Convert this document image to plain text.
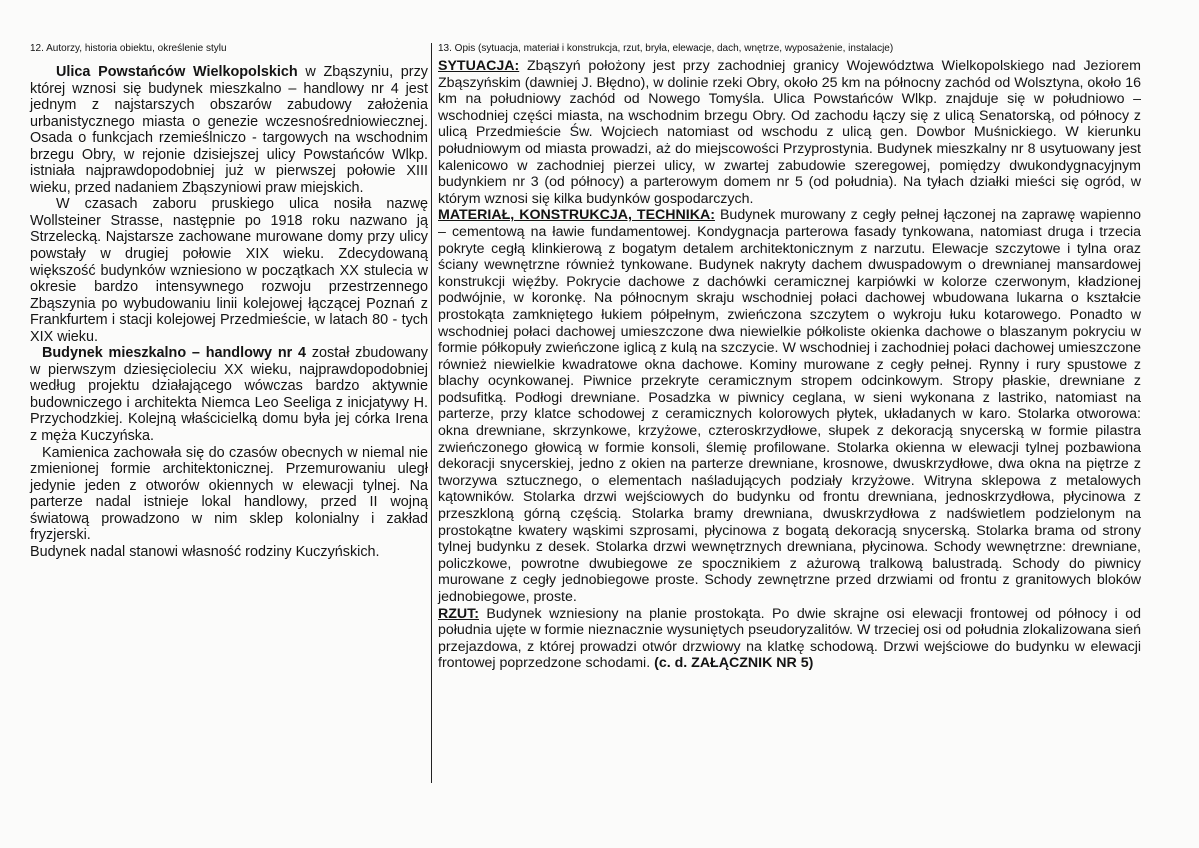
12. Autorzy, historia obiektu, określenie stylu

Ulica Powstańców Wielkopolskich w Zbąszyniu, przy której wznosi się budynek mieszkalno – handlowy nr 4 jest jednym z najstarszych obszarów zabudowy założenia urbanistycznego miasta o genezie wczesnośredniowiecznej. Osada o funkcjach rzemieślniczo - targowych na wschodnim brzegu Obry, w rejonie dzisiejszej ulicy Powstańców Wlkp. istniała najprawdopodobniej już w pierwszej połowie XIII wieku, przed nadaniem Zbąszyniowi praw miejskich.

W czasach zaboru pruskiego ulica nosiła nazwę Wollsteiner Strasse, następnie po 1918 roku nazwano ją Strzelecką. Najstarsze zachowane murowane domy przy ulicy powstały w drugiej połowie XIX wieku. Zdecydowaną większość budynków wzniesiono w początkach XX stulecia w okresie bardzo intensywnego rozwoju przestrzennego Zbąszynia po wybudowaniu linii kolejowej łączącej Poznań z Frankfurtem i stacji kolejowej Przedmieście, w latach 80 - tych XIX wieku.

Budynek mieszkalno – handlowy nr 4 został zbudowany w pierwszym dziesięcioleciu XX wieku, najprawdopodobniej według projektu działającego wówczas bardzo aktywnie budowniczego i architekta Niemca Leo Seeliga z inicjatywy H. Przychodzkiej. Kolejną właścicielką domu była jej córka Irena z męża Kuczyńska.

Kamienica zachowała się do czasów obecnych w niemal nie zmienionej formie architektonicznej. Przemurowaniu uległ jedynie jeden z otworów okiennych w elewacji tylnej. Na parterze nadal istnieje lokal handlowy, przed II wojną światową prowadzono w nim sklep kolonialny i zakład fryzjerski.

Budynek nadal stanowi własność rodziny Kuczyńskich.

13. Opis (sytuacja, materiał i konstrukcja, rzut, bryła, elewacje, dach, wnętrze, wyposażenie, instalacje)

SYTUACJA: Zbąszyń położony jest przy zachodniej granicy Województwa Wielkopolskiego nad Jeziorem Zbąszyńskim (dawniej J. Błędno), w dolinie rzeki Obry, około 25 km na północny zachód od Wolsztyna, około 16 km na południowy zachód od Nowego Tomyśla. Ulica Powstańców Wlkp. znajduje się w południowo – wschodniej części miasta, na wschodnim brzegu Obry. Od zachodu łączy się z ulicą Senatorską, od północy z ulicą Przedmieście Św. Wojciech natomiast od wschodu z ulicą gen. Dowbor Muśnickiego. W kierunku południowym od miasta prowadzi, aż do miejscowości Przyprostynia. Budynek mieszkalny nr 8 usytuowany jest kalenicowo w zachodniej pierzei ulicy, w zwartej zabudowie szeregowej, pomiędzy dwukondygnacyjnym budynkiem nr 3 (od północy) a parterowym domem nr 5 (od południa). Na tyłach działki mieści się ogród, w którym wznosi się kilka budynków gospodarczych.

MATERIAŁ, KONSTRUKCJA, TECHNIKA: Budynek murowany z cegły pełnej łączonej na zaprawę wapienno – cementową na ławie fundamentowej. Kondygnacja parterowa fasady tynkowana, natomiast druga i trzecia pokryte cegłą klinkierową z bogatym detalem architektonicznym z narzutu. Elewacje szczytowe i tylna oraz ściany wewnętrzne również tynkowane. Budynek nakryty dachem dwuspadowym o drewnianej mansardowej konstrukcji więźby. Pokrycie dachowe z dachówki ceramicznej karpiówki w kolorze czerwonym, kładzionej podwójnie, w koronkę. Na północnym skraju wschodniej połaci dachowej wbudowana lukarna o kształcie prostokąta zamkniętego łukiem półpełnym, zwieńczona szczytem o wykroju łuku kotarowego. Ponadto w wschodniej połaci dachowej umieszczone dwa niewielkie półkoliste okienka dachowe o blaszanym pokryciu w formie półkopuły zwieńczone iglicą z kulą na szczycie. W wschodniej i zachodniej połaci dachowej umieszczone również niewielkie kwadratowe okna dachowe. Kominy murowane z cegły pełnej. Rynny i rury spustowe z blachy ocynkowanej. Piwnice przekryte ceramicznym stropem odcinkowym. Stropy płaskie, drewniane z podsufitką. Podłogi drewniane. Posadzka w piwnicy ceglana, w sieni wykonana z lastriko, natomiast na parterze, przy klatce schodowej z ceramicznych kolorowych płytek, układanych w karo. Stolarka otworowa: okna drewniane, skrzynkowe, krzyżowe, czteroskrzydłowe, słupek z dekoracją snycerską w formie pilastra zwieńczonego głowicą w formie konsoli, ślemię profilowane. Stolarka okienna w elewacji tylnej pozbawiona dekoracji snycerskiej, jedno z okien na parterze drewniane, krosnowe, dwuskrzydłowe, dwa okna na piętrze z tworzywa sztucznego, o elementach naśladujących podziały krzyżowe. Witryna sklepowa z metalowych kątowników. Stolarka drzwi wejściowych do budynku od frontu drewniana, jednoskrzydłowa, płycinowa z przeszkloną górną częścią. Stolarka bramy drewniana, dwuskrzydłowa z nadświetlem podzielonym na prostokątne kwatery wąskimi szprosami, płycinowa z bogatą dekoracją snycerską. Stolarka brama od strony tylnej budynku z desek. Stolarka drzwi wewnętrznych drewniana, płycinowa. Schody wewnętrzne: drewniane, policzkowe, powrotne dwubiegowe ze spocznikiem z ażurową tralkową balustradą. Schody do piwnicy murowane z cegły jednobiegowe proste. Schody zewnętrzne przed drzwiami od frontu z granitowych bloków jednobiegowe, proste.

RZUT: Budynek wzniesiony na planie prostokąta. Po dwie skrajne osi elewacji frontowej od północy i od południa ujęte w formie nieznacznie wysuniętych pseudoryzalitów. W trzeciej osi od południa zlokalizowana sień przejazdowa, z której prowadzi otwór drzwiowy na klatkę schodową. Drzwi wejściowe do budynku w elewacji frontowej poprzedzone schodami. (c. d. ZAŁĄCZNIK NR 5)
